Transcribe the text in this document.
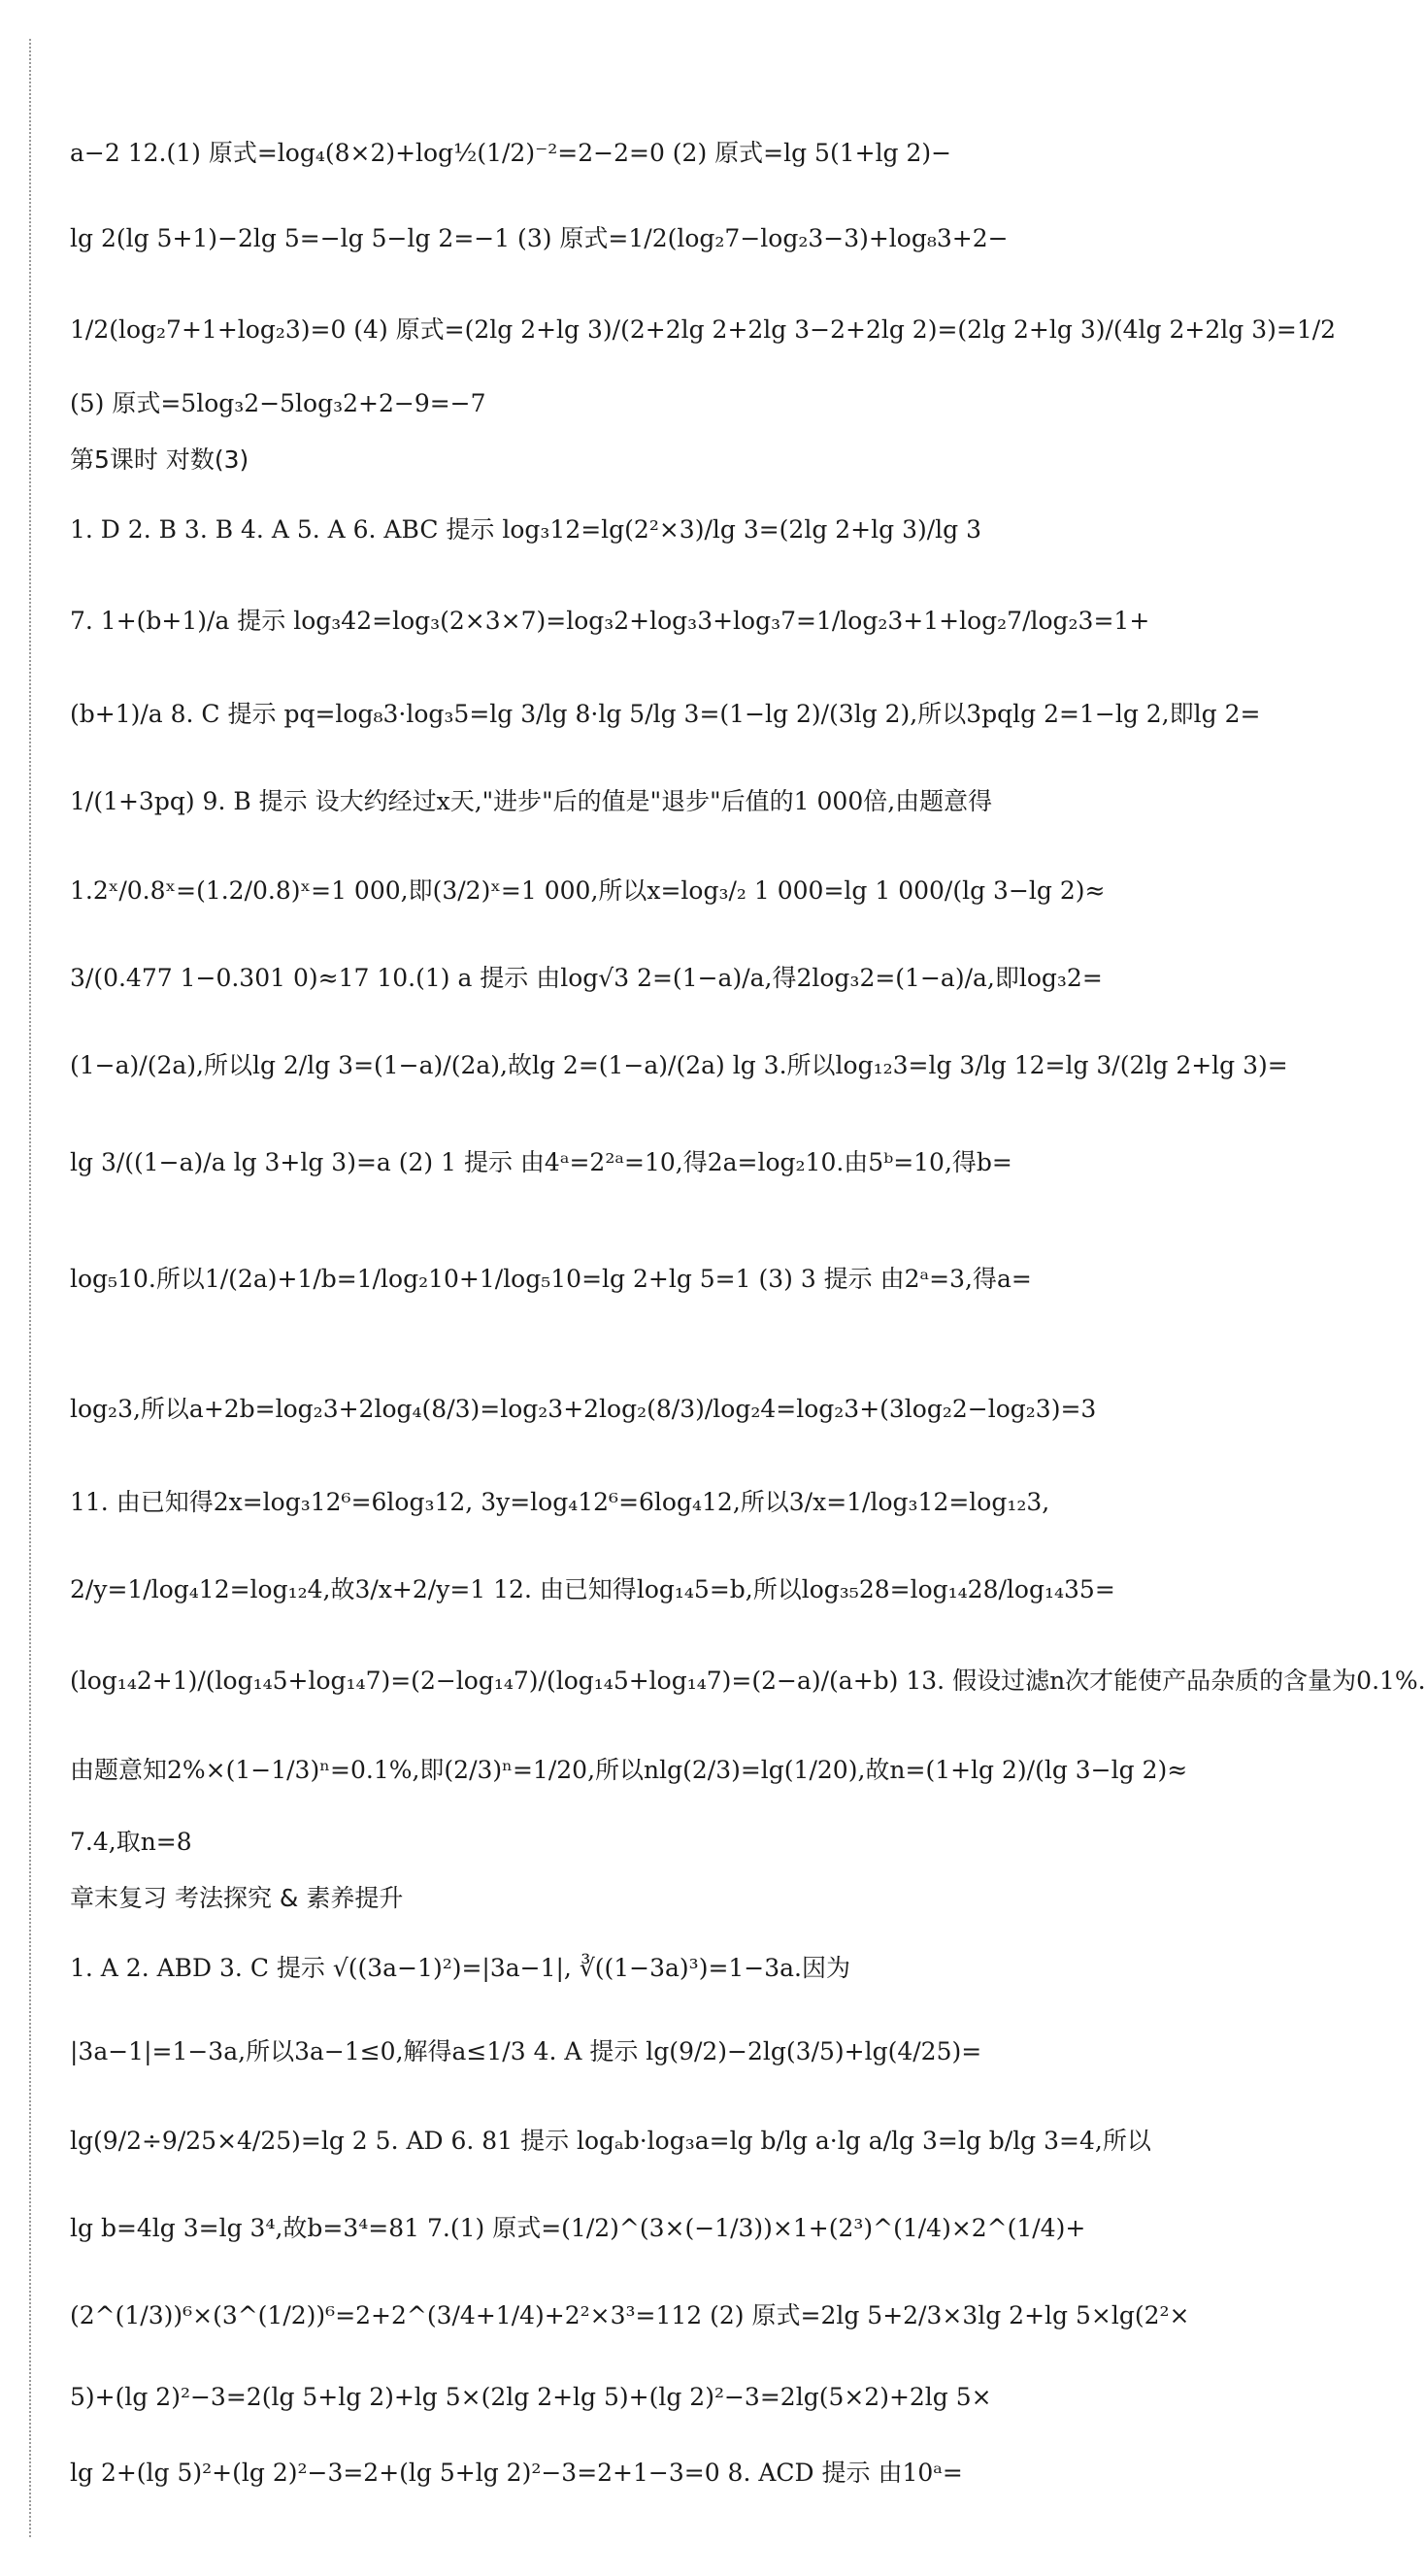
a−2 12.(1) 原式=log₄(8×2)+log½(1/2)⁻²=2−2=0 (2) 原式=lg 5(1+lg 2)−
lg 2(lg 5+1)−2lg 5=−lg 5−lg 2=−1 (3) 原式=1/2(log₂7−log₂3−3)+log₈3+2−
1/2(log₂7+1+log₂3)=0 (4) 原式=(2lg 2+lg 3)/(2+2lg 2+2lg 3−2+2lg 2)=(2lg 2+lg 3)/(4lg 2+2lg 3)=1/2
(5) 原式=5log₃2−5log₃2+2−9=−7
第5课时 对数(3)
1. D 2. B 3. B 4. A 5. A 6. ABC 提示 log₃12=lg(2²×3)/lg 3=(2lg 2+lg 3)/lg 3
7. 1+(b+1)/a 提示 log₃42=log₃(2×3×7)=log₃2+log₃3+log₃7=1/log₂3+1+log₂7/log₂3=1+
(b+1)/a 8. C 提示 pq=log₈3·log₃5=lg 3/lg 8·lg 5/lg 3=(1−lg 2)/(3lg 2),所以3pqlg 2=1−lg 2,即lg 2=
1/(1+3pq) 9. B 提示 设大约经过x天,"进步"后的值是"退步"后值的1 000倍,由题意得
1.2ˣ/0.8ˣ=(1.2/0.8)ˣ=1 000,即(3/2)ˣ=1 000,所以x=log₃/₂ 1 000=lg 1 000/(lg 3−lg 2)≈
3/(0.477 1−0.301 0)≈17 10.(1) a 提示 由log√3 2=(1−a)/a,得2log₃2=(1−a)/a,即log₃2=
(1−a)/(2a),所以lg 2/lg 3=(1−a)/(2a),故lg 2=(1−a)/(2a) lg 3.所以log₁₂3=lg 3/lg 12=lg 3/(2lg 2+lg 3)=
lg 3/((1−a)/a lg 3+lg 3)=a (2) 1 提示 由4ᵃ=2²ᵃ=10,得2a=log₂10.由5ᵇ=10,得b=
log₅10.所以1/(2a)+1/b=1/log₂10+1/log₅10=lg 2+lg 5=1 (3) 3 提示 由2ᵃ=3,得a=
log₂3,所以a+2b=log₂3+2log₄(8/3)=log₂3+2log₂(8/3)/log₂4=log₂3+(3log₂2−log₂3)=3
11. 由已知得2x=log₃12⁶=6log₃12, 3y=log₄12⁶=6log₄12,所以3/x=1/log₃12=log₁₂3,
2/y=1/log₄12=log₁₂4,故3/x+2/y=1 12. 由已知得log₁₄5=b,所以log₃₅28=log₁₄28/log₁₄35=
(log₁₄2+1)/(log₁₄5+log₁₄7)=(2−log₁₄7)/(log₁₄5+log₁₄7)=(2−a)/(a+b) 13. 假设过滤n次才能使产品杂质的含量为0.1%.
由题意知2%×(1−1/3)ⁿ=0.1%,即(2/3)ⁿ=1/20,所以nlg(2/3)=lg(1/20),故n=(1+lg 2)/(lg 3−lg 2)≈
7.4,取n=8
章末复习 考法探究 & 素养提升
1. A 2. ABD 3. C 提示 √((3a−1)²)=|3a−1|, ∛((1−3a)³)=1−3a.因为
|3a−1|=1−3a,所以3a−1≤0,解得a≤1/3 4. A 提示 lg(9/2)−2lg(3/5)+lg(4/25)=
lg(9/2÷9/25×4/25)=lg 2 5. AD 6. 81 提示 logₐb·log₃a=lg b/lg a·lg a/lg 3=lg b/lg 3=4,所以
lg b=4lg 3=lg 3⁴,故b=3⁴=81 7.(1) 原式=(1/2)^(3×(−1/3))×1+(2³)^(1/4)×2^(1/4)+
(2^(1/3))⁶×(3^(1/2))⁶=2+2^(3/4+1/4)+2²×3³=112 (2) 原式=2lg 5+2/3×3lg 2+lg 5×lg(2²×
5)+(lg 2)²−3=2(lg 5+lg 2)+lg 5×(2lg 2+lg 5)+(lg 2)²−3=2lg(5×2)+2lg 5×
lg 2+(lg 5)²+(lg 2)²−3=2+(lg 5+lg 2)²−3=2+1−3=0 8. ACD 提示 由10ᵃ=
